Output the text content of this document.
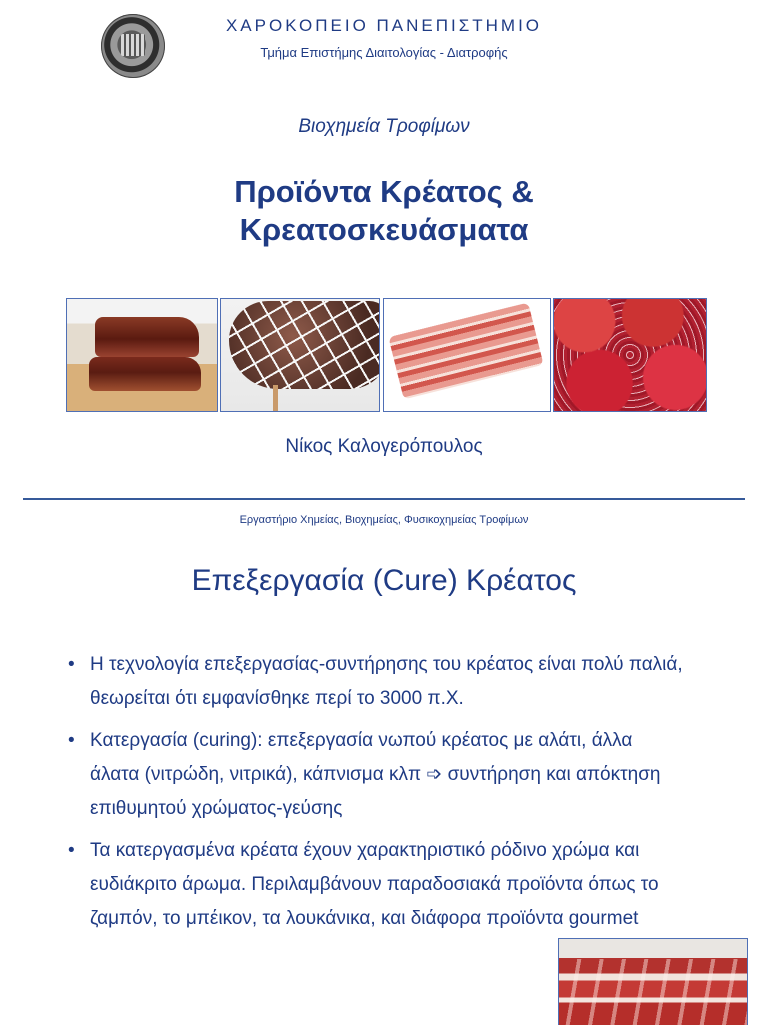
ΧΑΡΟΚΟΠΕΙΟ ΠΑΝΕΠΙΣΤΗΜΙΟ
Τμήμα Επιστήμης Διαιτολογίας - Διατροφής
Βιοχημεία Τροφίμων
Προϊόντα Κρέατος &
Κρεατοσκευάσματα
Νίκος Καλογερόπουλος
Εργαστήριο Χημείας, Βιοχημείας, Φυσικοχημείας Τροφίμων
Επεξεργασία (Cure) Κρέατος
• Η τεχνολογία επεξεργασίας-συντήρησης του κρέατος είναι πολύ παλιά, θεωρείται ότι εμφανίσθηκε περί το 3000 π.Χ.
• Κατεργασία (curing): επεξεργασία νωπού κρέατος με αλάτι, άλλα άλατα (νιτρώδη, νιτρικά), κάπνισμα κλπ ➩ συντήρηση και απόκτηση επιθυμητού χρώματος-γεύσης
• Τα κατεργασμένα κρέατα έχουν χαρακτηριστικό ρόδινο χρώμα και ευδιάκριτο άρωμα. Περιλαμβάνουν παραδοσιακά προϊόντα όπως το ζαμπόν, το μπέικον, τα λουκάνικα, και διάφορα προϊόντα gourmet
